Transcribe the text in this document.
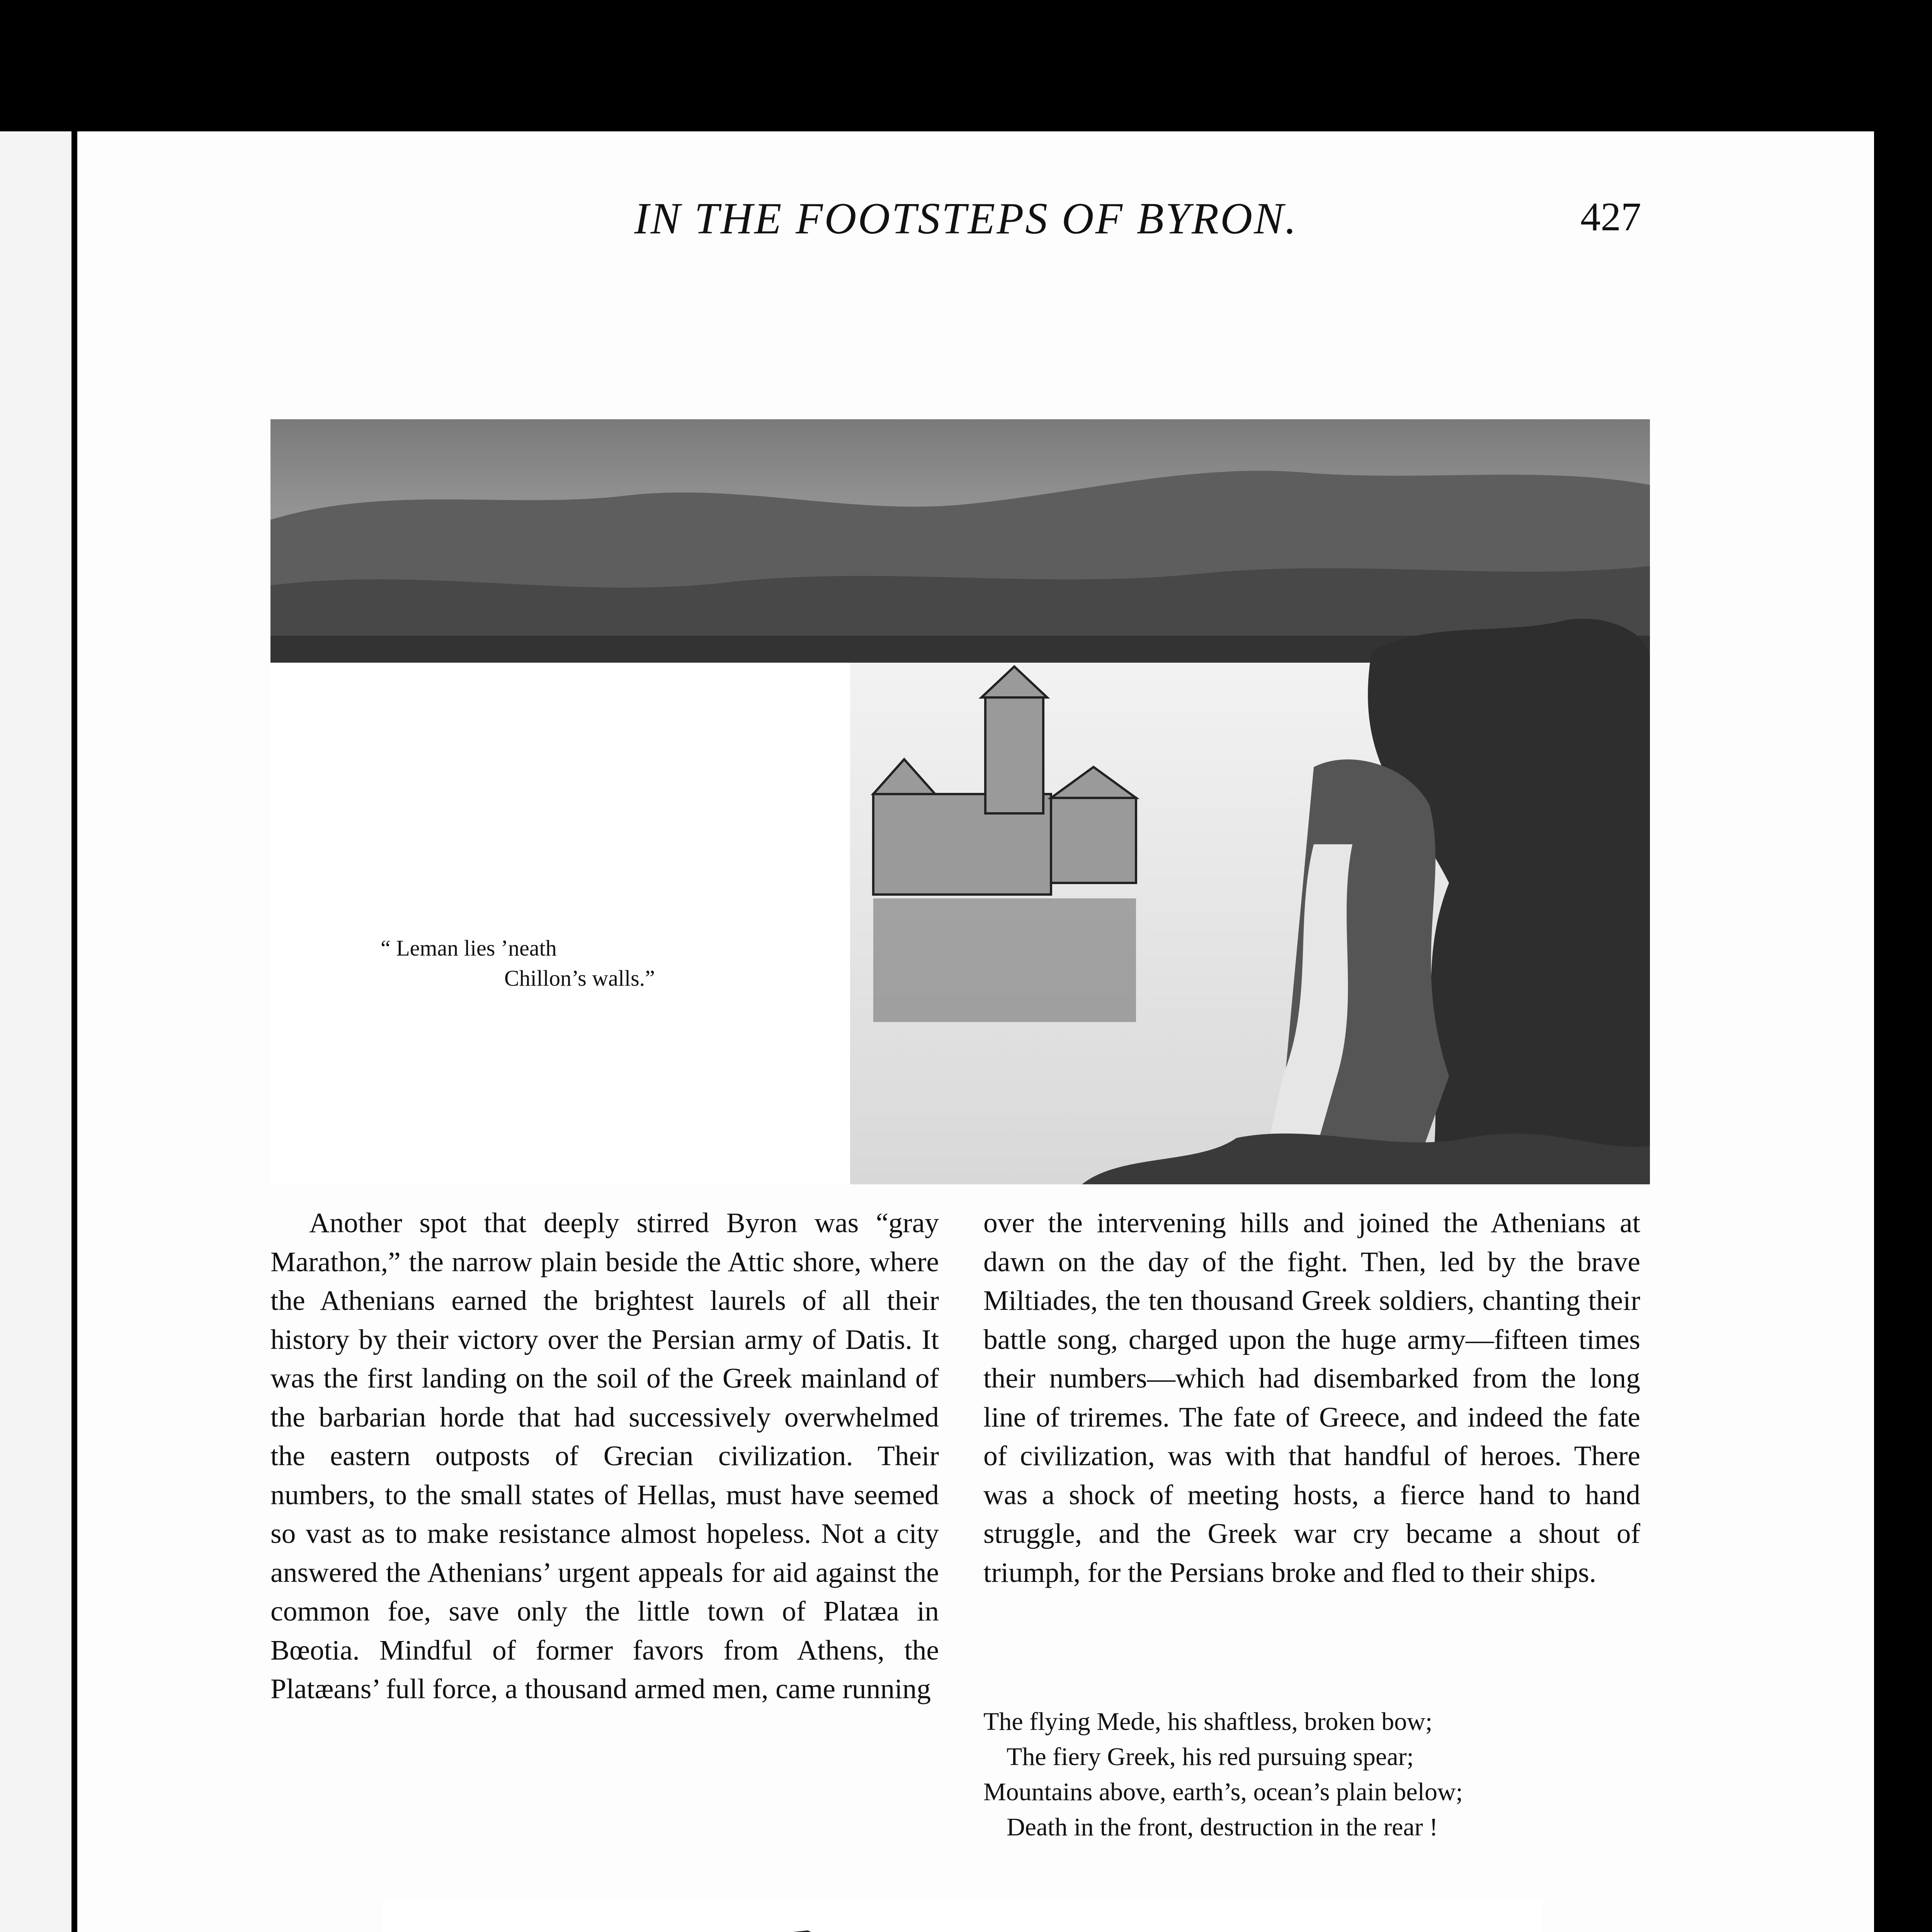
IN THE FOOTSTEPS OF BYRON.	427
“ Leman lies ’neath
Chillon’s walls.”

Another spot that deeply stirred Byron was “gray Marathon,” the narrow plain beside the Attic shore, where the Athenians earned the brightest laurels of all their history by their victory over the Persian army of Datis. It was the first landing on the soil of the Greek mainland of the barbarian horde that had successively overwhelmed the eastern outposts of Grecian civilization. Their numbers, to the small states of Hellas, must have seemed so vast as to make resistance almost hopeless. Not a city answered the Athenians’ urgent appeals for aid against the common foe, save only the little town of Platæa in Bœotia. Mindful of former favors from Athens, the Platæans’ full force, a thousand armed men, came running

over the intervening hills and joined the Athenians at dawn on the day of the fight. Then, led by the brave Miltiades, the ten thousand Greek soldiers, chanting their battle song, charged upon the huge army—fifteen times their numbers—which had disembarked from the long line of triremes. The fate of Greece, and indeed the fate of civilization, was with that handful of heroes. There was a shock of meeting hosts, a fierce hand to hand struggle, and the Greek war cry became a shout of triumph, for the Persians broke and fled to their ships.

The flying Mede, his shaftless, broken bow;
The fiery Greek, his red pursuing spear;
Mountains above, earth’s, ocean’s plain below;
Death in the front, destruction in the rear !
